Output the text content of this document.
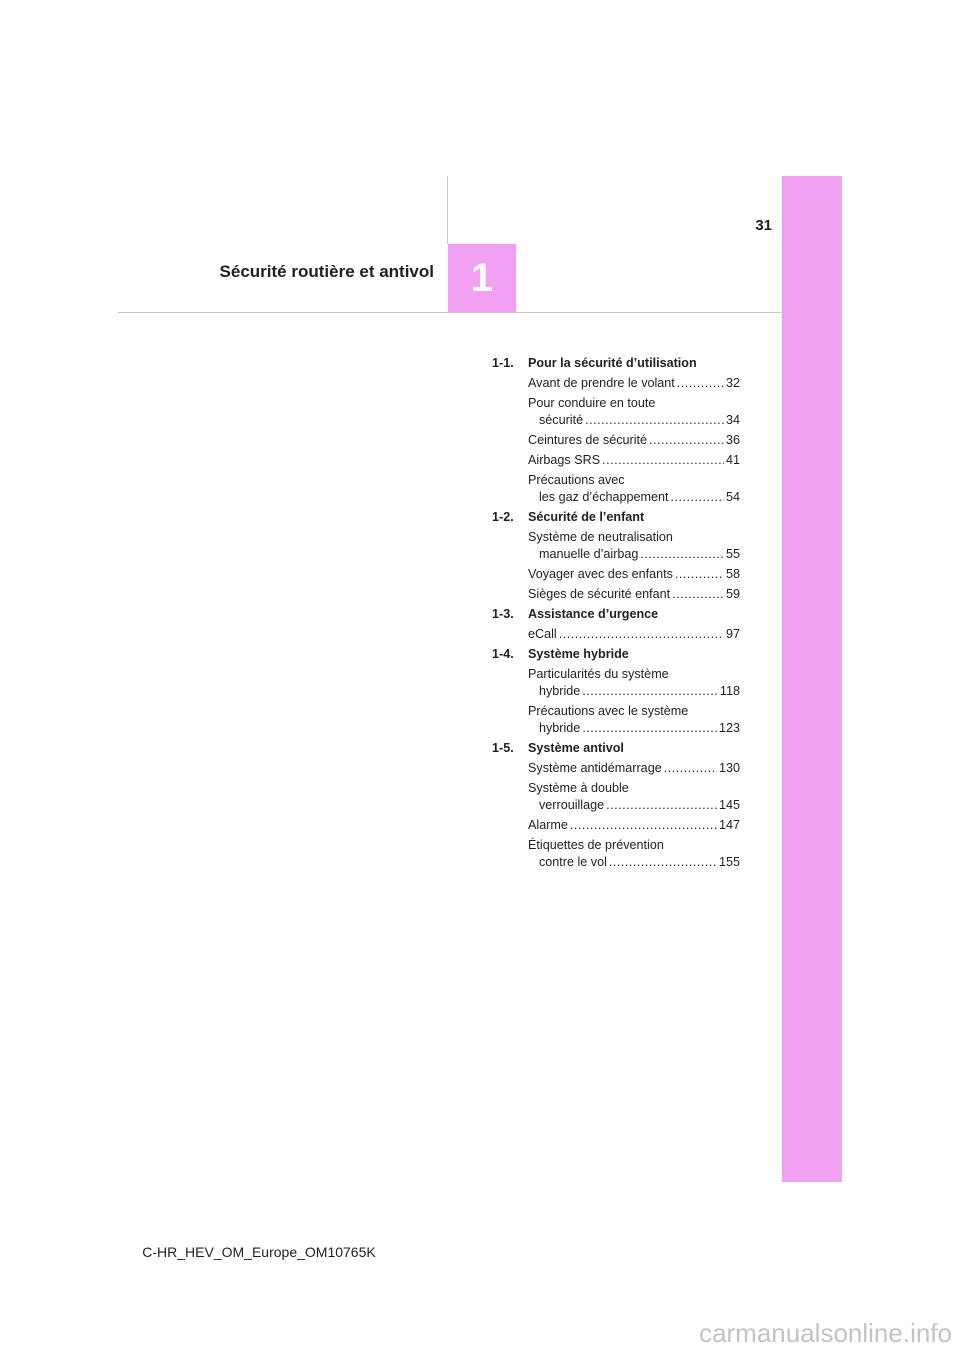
1
31
Sécurité routière et antivol
1-1.	Pour la sécurité d’utilisation
Avant de prendre le volant .....	32
Pour conduire en toute
sécurité .....	34
Ceintures de sécurité .....	36
Airbags SRS .....	41
Précautions avec
les gaz d’échappement .....	54
1-2.	Sécurité de l’enfant
Système de neutralisation
manuelle d’airbag .....	55
Voyager avec des enfants .....	58
Sièges de sécurité enfant .....	59
1-3.	Assistance d’urgence
eCall .....	97
1-4.	Système hybride
Particularités du système
hybride .....	118
Précautions avec le système
hybride .....	123
1-5.	Système antivol
Système antidémarrage .....	130
Système à double
verrouillage .....	145
Alarme .....	147
Étiquettes de prévention
contre le vol .....	155
C-HR_HEV_OM_Europe_OM10765K
carmanualsonline.info
